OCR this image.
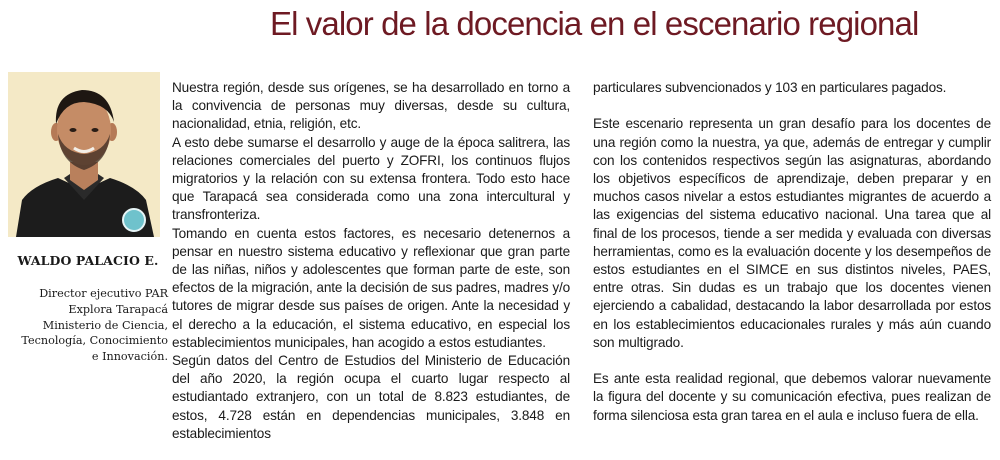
El valor de la docencia en el escenario regional
WALDO PALACIO E.
Director ejecutivo PAR
Explora Tarapacá
Ministerio de Ciencia,
Tecnología, Conocimiento
e Innovación.

Nuestra región, desde sus orígenes, se ha desarrollado en torno a la convivencia de personas muy diversas, desde su cultura, nacionalidad, etnia, religión, etc.

A esto debe sumarse el desarrollo y auge de la época salitrera, las relaciones comerciales del puerto y ZOFRI, los continuos flujos migratorios y la relación con su extensa frontera. Todo esto hace que Tarapacá sea considerada como una zona intercultural y transfronteriza.

Tomando en cuenta estos factores, es necesario detenernos a pensar en nuestro sistema educativo y reflexionar que gran parte de las niñas, niños y adolescentes que forman parte de este, son efectos de la migración, ante la decisión de sus padres, madres y/o tutores de migrar desde sus países de origen. Ante la necesidad y el derecho a la educación, el sistema educativo, en especial los establecimientos municipales, han acogido a estos estudiantes.

Según datos del Centro de Estudios del Ministerio de Educación del año 2020, la región ocupa el cuarto lugar respecto al estudiantado extranjero, con un total de 8.823 estudiantes, de estos, 4.728 están en dependencias municipales, 3.848 en establecimientos

particulares subvencionados y 103 en particulares pagados.

Este escenario representa un gran desafío para los docentes de una región como la nuestra, ya que, además de entregar y cumplir con los contenidos respectivos según las asignaturas, abordando los objetivos específicos de aprendizaje, deben preparar y en muchos casos nivelar a estos estudiantes migrantes de acuerdo a las exigencias del sistema educativo nacional. Una tarea que al final de los procesos, tiende a ser medida y evaluada con diversas herramientas, como es la evaluación docente y los desempeños de estos estudiantes en el SIMCE en sus distintos niveles, PAES, entre otras. Sin dudas es un trabajo que los docentes vienen ejerciendo a cabalidad, destacando la labor desarrollada por estos en los establecimientos educacionales rurales y más aún cuando son multigrado.

Es ante esta realidad regional, que debemos valorar nuevamente la figura del docente y su comunicación efectiva, pues realizan de forma silenciosa esta gran tarea en el aula e incluso fuera de ella.
